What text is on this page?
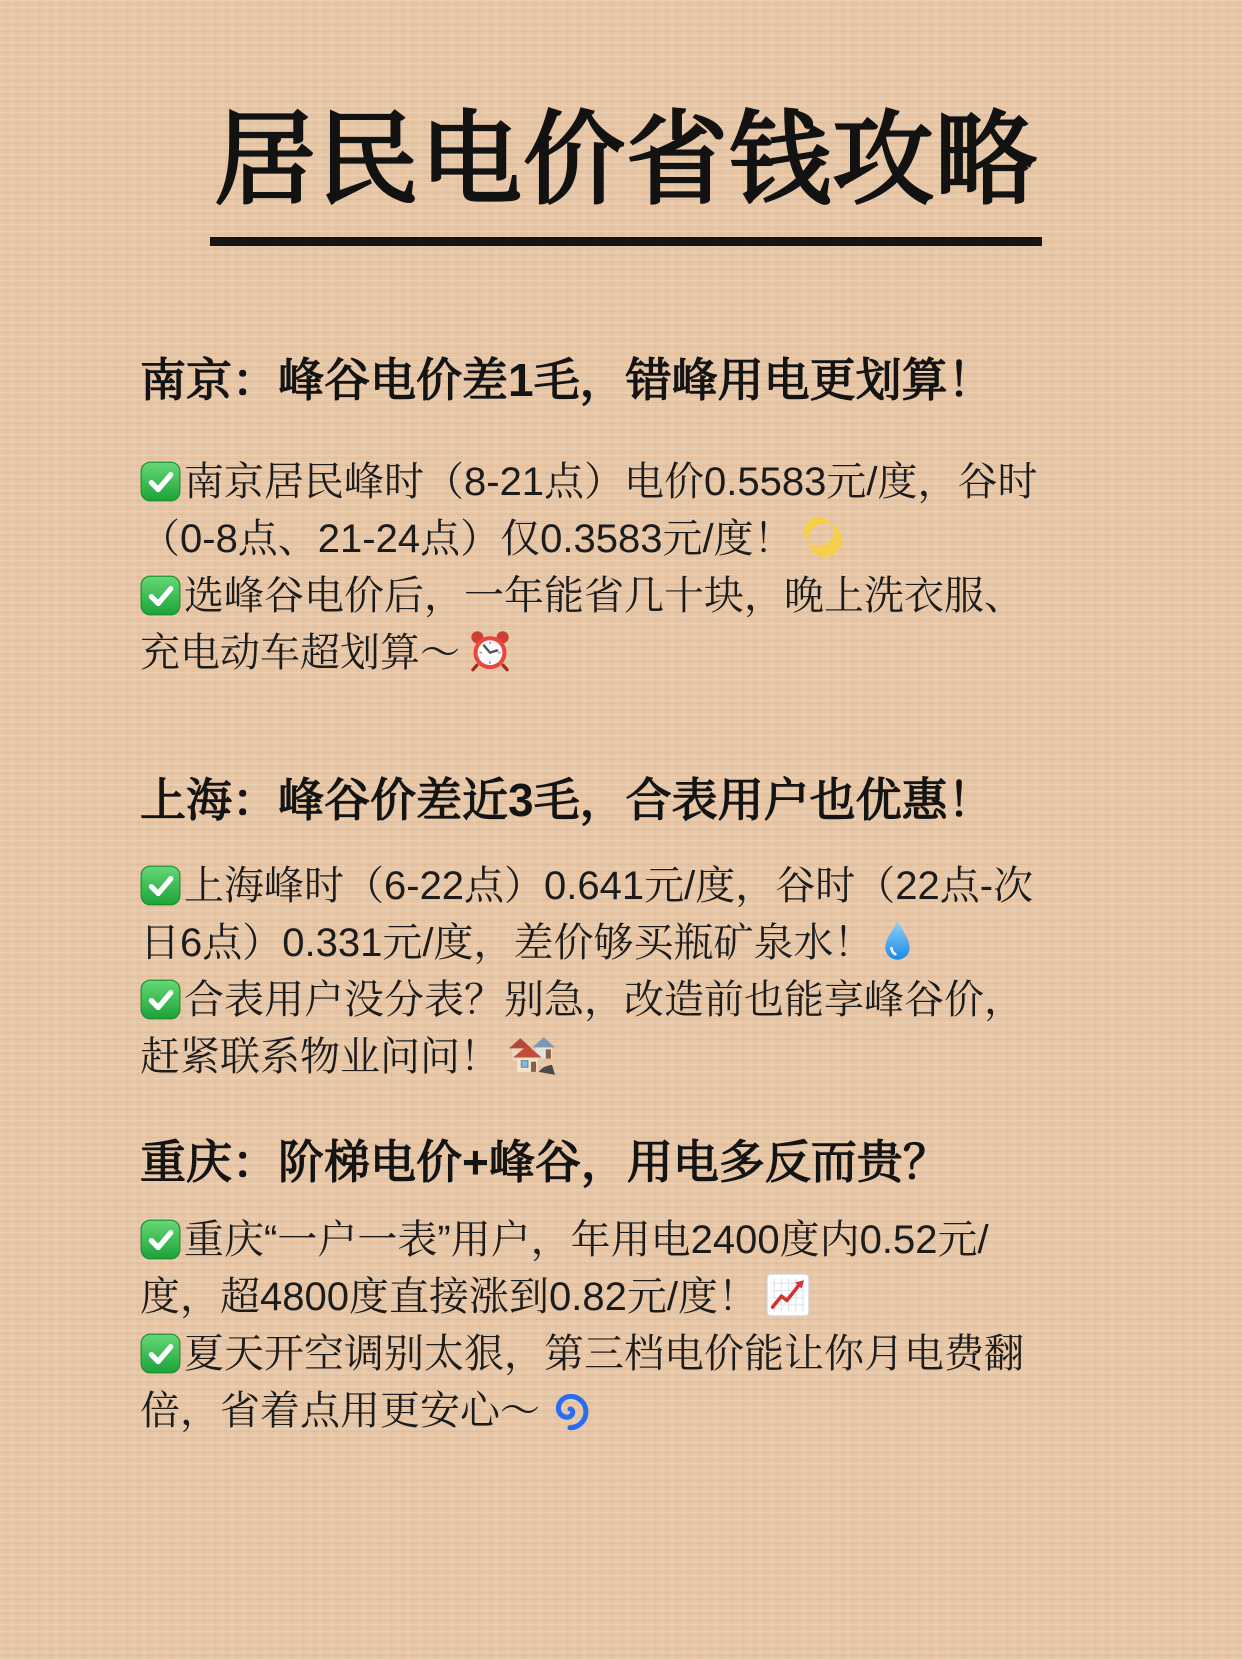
居民电价省钱攻略
南京：峰谷电价差1毛，错峰用电更划算！

南京居民峰时（8-21点）电价0.5583元/度，谷时（0-8点、21-24点）仅0.3583元/度！

选峰谷电价后，一年能省几十块，晚上洗衣服、充电动车超划算～

上海：峰谷价差近3毛，合表用户也优惠！

上海峰时（6-22点）0.641元/度，谷时（22点-次日6点）0.331元/度，差价够买瓶矿泉水！

合表用户没分表？别急，改造前也能享峰谷价，赶紧联系物业问问！

重庆：阶梯电价+峰谷，用电多反而贵？

重庆“一户一表”用户，年用电2400度内0.52元/度，超4800度直接涨到0.82元/度！

夏天开空调别太狠，第三档电价能让你月电费翻倍，省着点用更安心～
